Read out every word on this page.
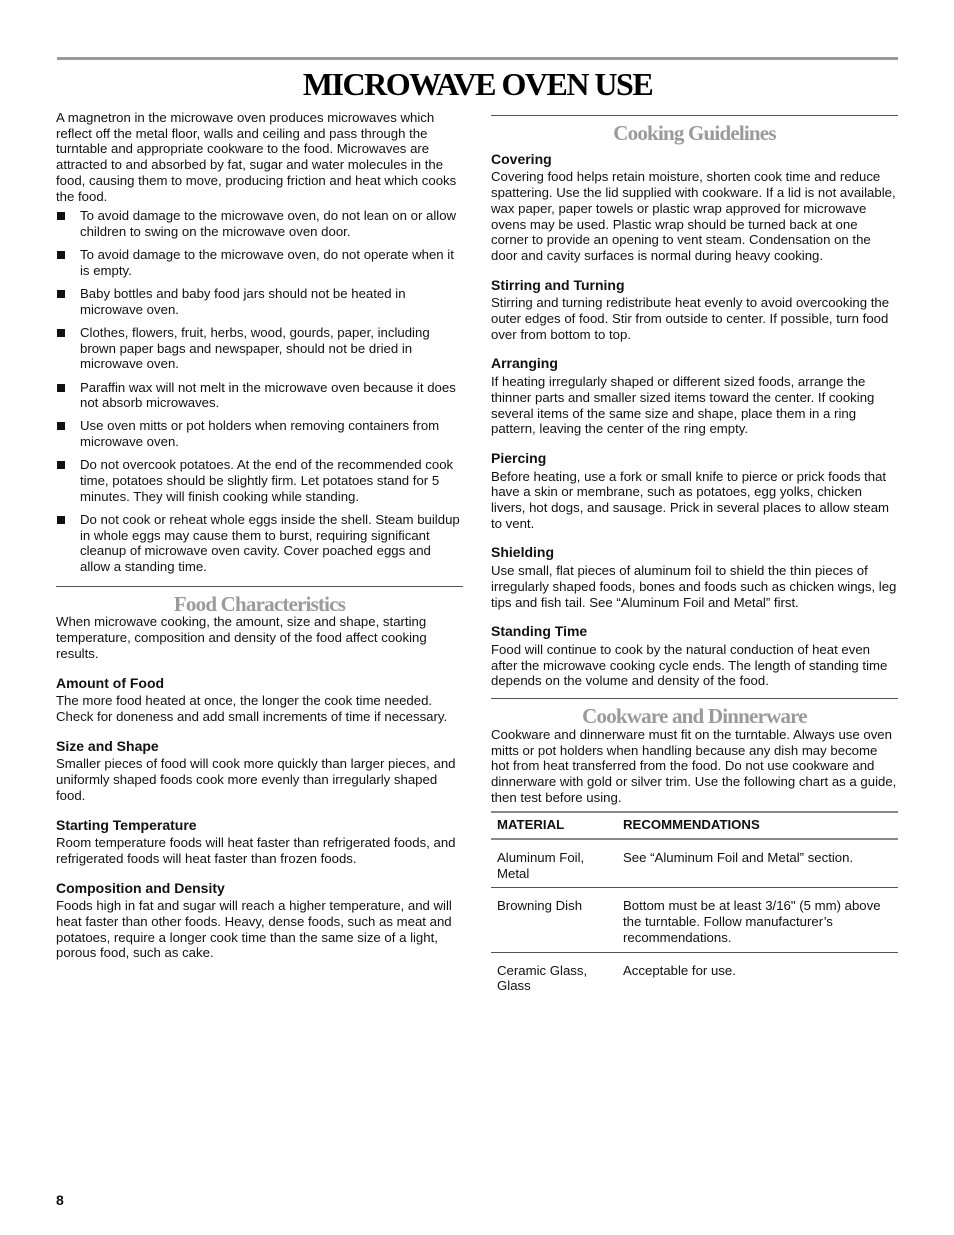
MICROWAVE OVEN USE

A magnetron in the microwave oven produces microwaves which reflect off the metal floor, walls and ceiling and pass through the turntable and appropriate cookware to the food. Microwaves are attracted to and absorbed by fat, sugar and water molecules in the food, causing them to move, producing friction and heat which cooks the food.

To avoid damage to the microwave oven, do not lean on or allow children to swing on the microwave oven door.
To avoid damage to the microwave oven, do not operate when it is empty.
Baby bottles and baby food jars should not be heated in microwave oven.
Clothes, flowers, fruit, herbs, wood, gourds, paper, including brown paper bags and newspaper, should not be dried in microwave oven.
Paraffin wax will not melt in the microwave oven because it does not absorb microwaves.
Use oven mitts or pot holders when removing containers from microwave oven.
Do not overcook potatoes. At the end of the recommended cook time, potatoes should be slightly firm. Let potatoes stand for 5 minutes. They will finish cooking while standing.
Do not cook or reheat whole eggs inside the shell. Steam buildup in whole eggs may cause them to burst, requiring significant cleanup of microwave oven cavity. Cover poached eggs and allow a standing time.
Food Characteristics

When microwave cooking, the amount, size and shape, starting temperature, composition and density of the food affect cooking results.

Amount of Food

The more food heated at once, the longer the cook time needed. Check for doneness and add small increments of time if necessary.

Size and Shape

Smaller pieces of food will cook more quickly than larger pieces, and uniformly shaped foods cook more evenly than irregularly shaped food.

Starting Temperature

Room temperature foods will heat faster than refrigerated foods, and refrigerated foods will heat faster than frozen foods.

Composition and Density

Foods high in fat and sugar will reach a higher temperature, and will heat faster than other foods. Heavy, dense foods, such as meat and potatoes, require a longer cook time than the same size of a light, porous food, such as cake.

Cooking Guidelines

Covering

Covering food helps retain moisture, shorten cook time and reduce spattering. Use the lid supplied with cookware. If a lid is not available, wax paper, paper towels or plastic wrap approved for microwave ovens may be used. Plastic wrap should be turned back at one corner to provide an opening to vent steam. Condensation on the door and cavity surfaces is normal during heavy cooking.

Stirring and Turning

Stirring and turning redistribute heat evenly to avoid overcooking the outer edges of food. Stir from outside to center. If possible, turn food over from bottom to top.

Arranging

If heating irregularly shaped or different sized foods, arrange the thinner parts and smaller sized items toward the center. If cooking several items of the same size and shape, place them in a ring pattern, leaving the center of the ring empty.

Piercing

Before heating, use a fork or small knife to pierce or prick foods that have a skin or membrane, such as potatoes, egg yolks, chicken livers, hot dogs, and sausage. Prick in several places to allow steam to vent.

Shielding

Use small, flat pieces of aluminum foil to shield the thin pieces of irregularly shaped foods, bones and foods such as chicken wings, leg tips and fish tail. See “Aluminum Foil and Metal” first.

Standing Time

Food will continue to cook by the natural conduction of heat even after the microwave cooking cycle ends. The length of standing time depends on the volume and density of the food.

Cookware and Dinnerware

Cookware and dinnerware must fit on the turntable. Always use oven mitts or pot holders when handling because any dish may become hot from heat transferred from the food. Do not use cookware and dinnerware with gold or silver trim. Use the following chart as a guide, then test before using.

MATERIAL	RECOMMENDATIONS
Aluminum Foil, Metal	See “Aluminum Foil and Metal” section.
Browning Dish	Bottom must be at least 3/16" (5 mm) above the turntable. Follow manufacturer’s recommendations.
Ceramic Glass, Glass	Acceptable for use.
8
